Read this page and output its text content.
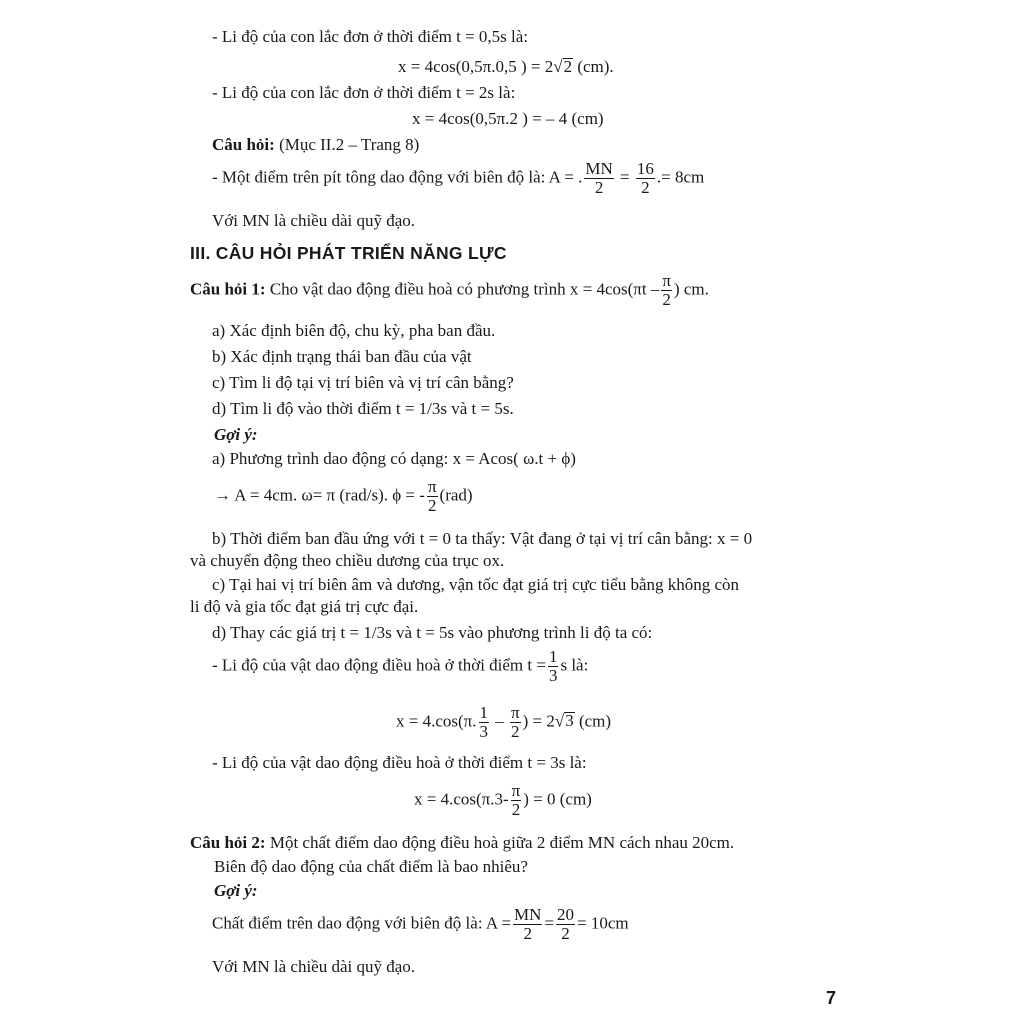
- Li độ của con lắc đơn ở thời điểm t = 0,5s là:
x = 4cos(0,5π.0,5 ) = 2√2 (cm).
- Li độ của con lắc đơn ở thời điểm t = 2s là:
x = 4cos(0,5π.2 ) = – 4 (cm)
Câu hỏi: (Mục II.2 – Trang 8)
- Một điểm trên pít tông dao động với biên độ là: A = . $\frac{MN}{2} = \frac{16}{2}$ .= 8cm
Với MN là chiều dài quỹ đạo.
III. CÂU HỎI PHÁT TRIỂN NĂNG LỰC
Câu hỏi 1: Cho vật dao động điều hoà có phương trình $x = 4\cos(\pi t - \frac{\pi}{2}$ ) cm.
a) Xác định biên độ, chu kỳ, pha ban đầu.
b) Xác định trạng thái ban đầu của vật
c) Tìm li độ tại vị trí biên và vị trí cân bằng?
d) Tìm li độ vào thời điểm t = 1/3s và t = 5s.
Gợi ý:
a) Phương trình dao động có dạng: x = Acos( ω.t + ϕ)
→ A = 4cm. ω= π (rad/s). ϕ = - $\frac{\pi}{2} (rad)$
b) Thời điểm ban đầu ứng với t = 0 ta thấy: Vật đang ở tại vị trí cân bằng: x = 0
và chuyển động theo chiều dương của trục ox.
c) Tại hai vị trí biên âm và dương, vận tốc đạt giá trị cực tiểu bằng không còn
li độ và gia tốc đạt giá trị cực đại.
d) Thay các giá trị t = 1/3s và t = 5s vào phương trình li độ ta có:
- Li độ của vật dao động điều hoà ở thời điểm $t = \frac{1}{3}$ s là:
x = 4.cos(π. $\frac{1}{3} - \frac{\pi}{2}$ ) = 2√3 (cm)
- Li độ của vật dao động điều hoà ở thời điểm t = 3s là:
$x = 4.\cos(\pi.3- \frac{\pi}{2}$ ) = 0 (cm)
Câu hỏi 2: Một chất điểm dao động điều hoà giữa 2 điểm MN cách nhau 20cm.
Biên độ dao động của chất điểm là bao nhiêu?
Gợi ý:
Chất điểm trên dao động với biên độ là: $A = \frac{MN}{2} = \frac{20}{2} = 10cm$
Với MN là chiều dài quỹ đạo.
7
